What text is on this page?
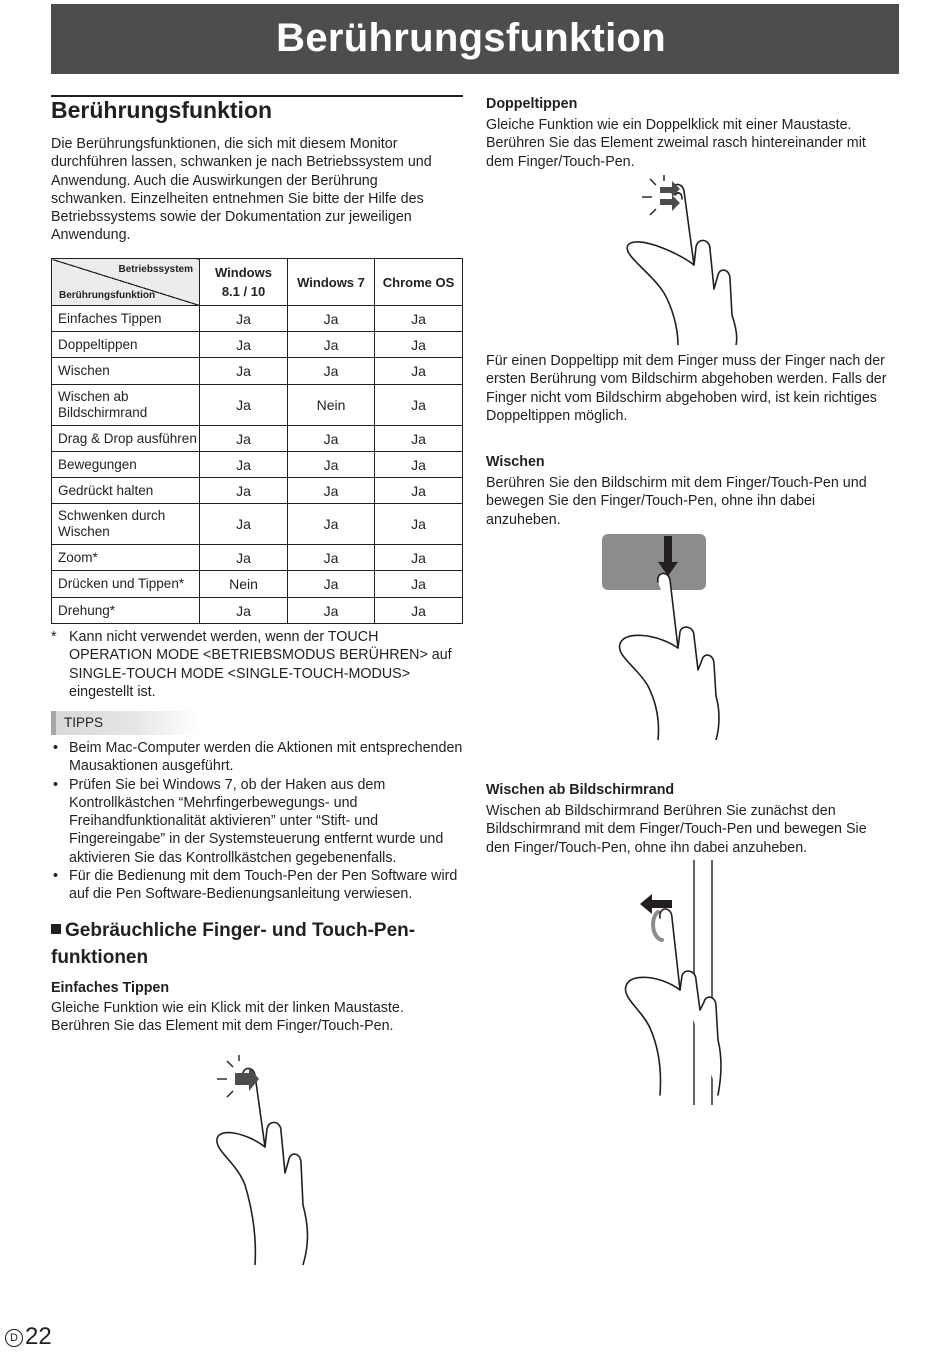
Berührungsfunktion
Berührungsfunktion
Die Berührungsfunktionen, die sich mit diesem Monitor durchführen lassen, schwanken je nach Betriebssystem und Anwendung. Auch die Auswirkungen der Berührung schwanken. Einzelheiten entnehmen Sie bitte der Hilfe des Betriebssystems sowie der Dokumentation zur jeweiligen Anwendung.
Betriebssystem
Berührungsfunktion	Windows 8.1 / 10	Windows 7	Chrome OS
Einfaches Tippen	Ja	Ja	Ja
Doppeltippen	Ja	Ja	Ja
Wischen	Ja	Ja	Ja
Wischen ab Bildschirmrand	Ja	Nein	Ja
Drag & Drop ausführen	Ja	Ja	Ja
Bewegungen	Ja	Ja	Ja
Gedrückt halten	Ja	Ja	Ja
Schwenken durch Wischen	Ja	Ja	Ja
Zoom*	Ja	Ja	Ja
Drücken und Tippen*	Nein	Ja	Ja
Drehung*	Ja	Ja	Ja
* Kann nicht verwendet werden, wenn der TOUCH OPERATION MODE <BETRIEBSMODUS BERÜHREN> auf SINGLE-TOUCH MODE <SINGLE-TOUCH-MODUS> eingestellt ist.
TIPPS

• Beim Mac-Computer werden die Aktionen mit entsprechenden Mausaktionen ausgeführt.

• Prüfen Sie bei Windows 7, ob der Haken aus dem Kontrollkästchen “Mehrfingerbewegungs- und Freihandfunktionalität aktivieren” unter “Stift- und Fingereingabe” in der Systemsteuerung entfernt wurde und aktivieren Sie das Kontrollkästchen gegebenenfalls.

• Für die Bedienung mit dem Touch-Pen der Pen Software wird auf die Pen Software-Bedienungsanleitung verwiesen.

Gebräuchliche Finger- und Touch-Pen-funktionen
Einfaches Tippen
Gleiche Funktion wie ein Klick mit der linken Maustaste. Berühren Sie das Element mit dem Finger/Touch-Pen.
Doppeltippen
Gleiche Funktion wie ein Doppelklick mit einer Maustaste. Berühren Sie das Element zweimal rasch hintereinander mit dem Finger/Touch-Pen.
Für einen Doppeltipp mit dem Finger muss der Finger nach der ersten Berührung vom Bildschirm abgehoben werden. Falls der Finger nicht vom Bildschirm abgehoben wird, ist kein richtiges Doppeltippen möglich.
Wischen
Berühren Sie den Bildschirm mit dem Finger/Touch-Pen und bewegen Sie den Finger/Touch-Pen, ohne ihn dabei anzuheben.
Wischen ab Bildschirmrand
Wischen ab Bildschirmrand Berühren Sie zunächst den Bildschirmrand mit dem Finger/Touch-Pen und bewegen Sie den Finger/Touch-Pen, ohne ihn dabei anzuheben.
D 22
